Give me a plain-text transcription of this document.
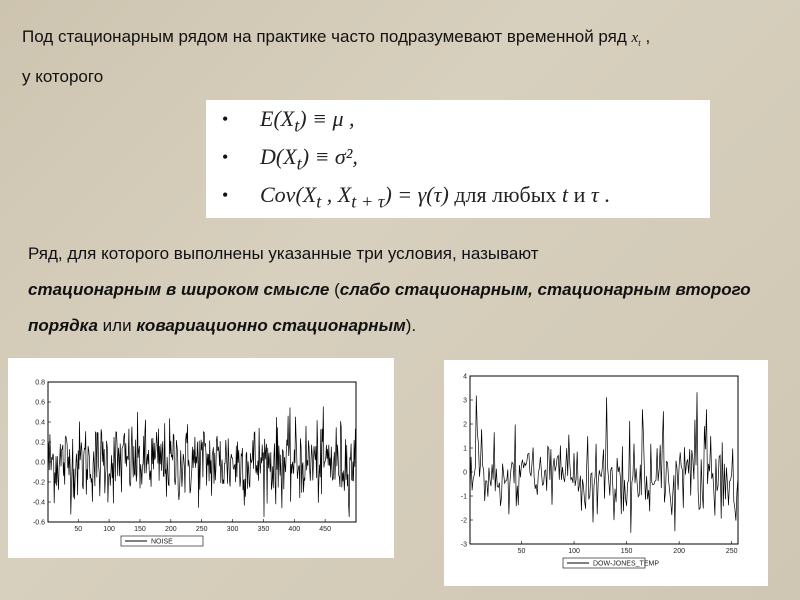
Под стационарным рядом на практике часто подразумевают временной ряд $x_t$ ,
у которого
• $E(X_t) \equiv \mu$ ,
• $D(X_t) \equiv \sigma^2$,
• $Cov(X_t$ , $X_{t + \tau}) = \gamma(\tau)$ для любых t и τ .
Ряд, для которого выполнены указанные три условия, называют
стационарным в широком смысле (слабо стационарным, стационарным второго порядка или ковариационно стационарным).
0.8
0.6
0.4
0.2
0.0
-0.2
-0.4
-0.6
50	100	150	200	250	300	350	400	450
NOISE
4
3
2
1
0
-1
-2
-3
50	100	150	200	250
DOW-JONES_TEMP
